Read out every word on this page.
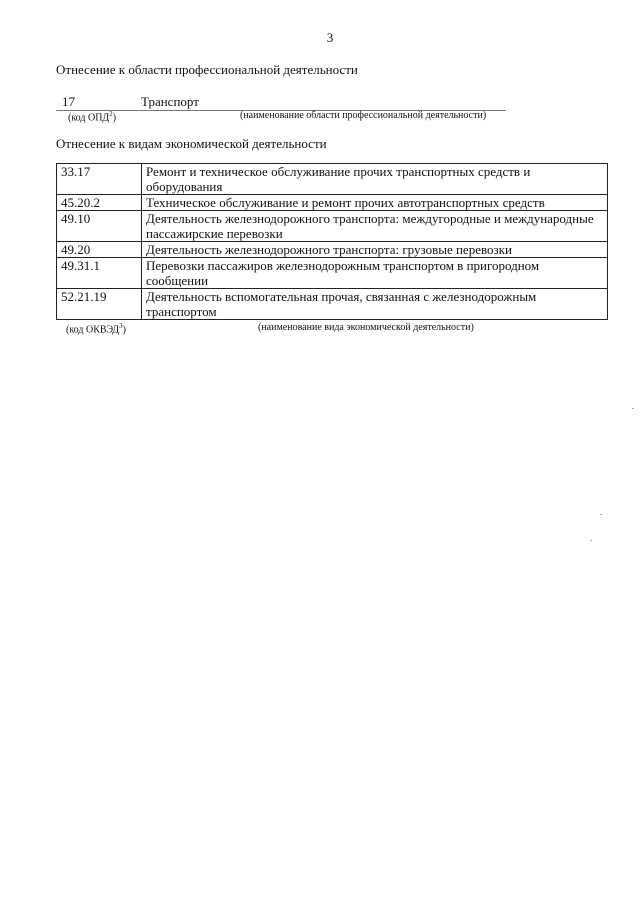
3
Отнесение к области профессиональной деятельности
17	Транспорт
(код ОПД$^2$)	(наименование области профессиональной деятельности)
Отнесение к видам экономической деятельности
33.17	Ремонт и техническое обслуживание прочих транспортных средств и оборудования
45.20.2	Техническое обслуживание и ремонт прочих автотранспортных средств
49.10	Деятельность железнодорожного транспорта: междугородные и международные пассажирские перевозки
49.20	Деятельность железнодорожного транспорта: грузовые перевозки
49.31.1	Перевозки пассажиров железнодорожным транспортом в пригородном сообщении
52.21.19	Деятельность вспомогательная прочая, связанная с железнодорожным транспортом
(код ОКВЭД$^3$)	(наименование вида экономической деятельности)
